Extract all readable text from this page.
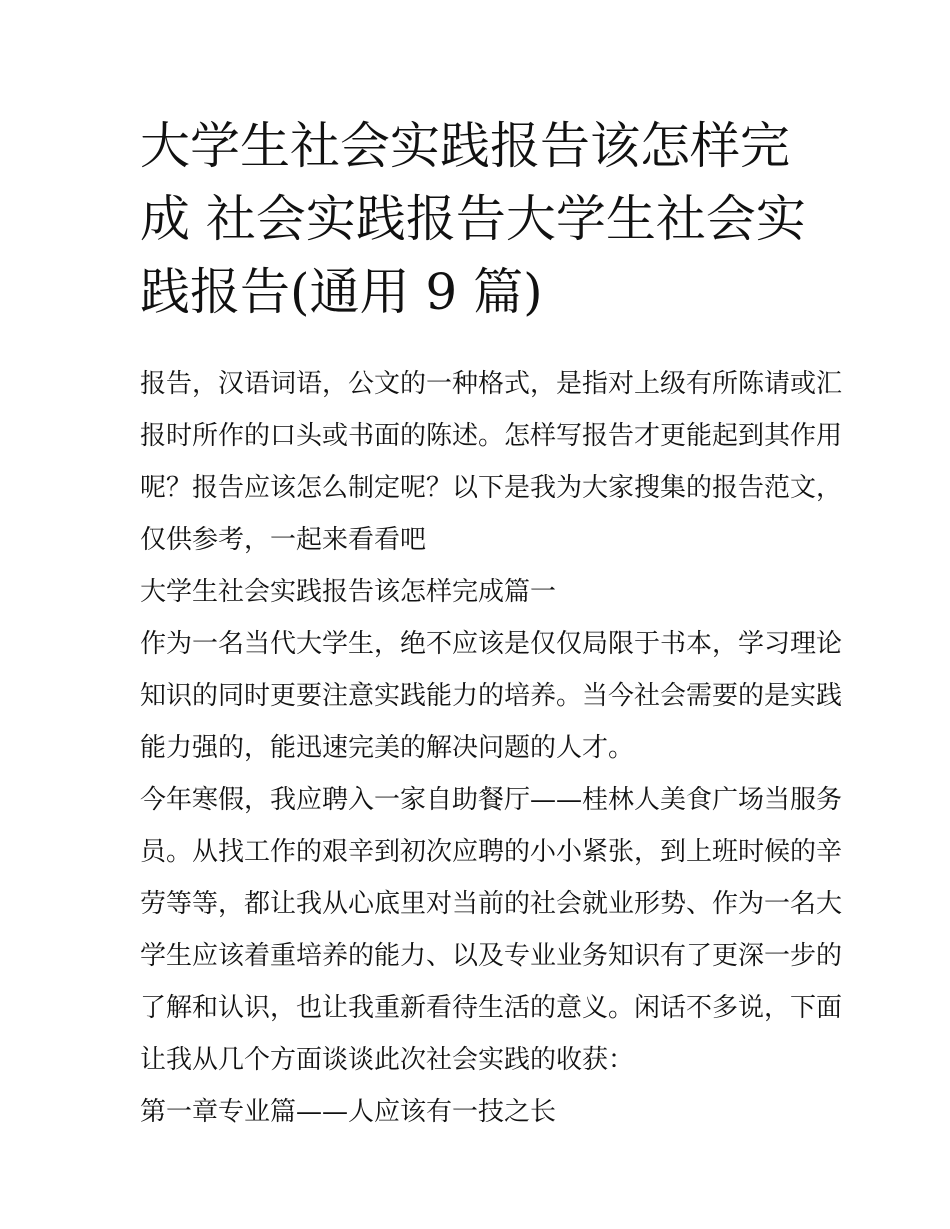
大学生社会实践报告该怎样完
成 社会实践报告大学生社会实
践报告(通用 9 篇)
报告，汉语词语，公文的一种格式，是指对上级有所陈请或汇
报时所作的口头或书面的陈述。怎样写报告才更能起到其作用
呢？报告应该怎么制定呢？以下是我为大家搜集的报告范文，
仅供参考，一起来看看吧
大学生社会实践报告该怎样完成篇一
作为一名当代大学生，绝不应该是仅仅局限于书本，学习理论
知识的同时更要注意实践能力的培养。当今社会需要的是实践
能力强的，能迅速完美的解决问题的人才。
今年寒假，我应聘入一家自助餐厅——桂林人美食广场当服务
员。从找工作的艰辛到初次应聘的小小紧张，到上班时候的辛
劳等等，都让我从心底里对当前的社会就业形势、作为一名大
学生应该着重培养的能力、以及专业业务知识有了更深一步的
了解和认识，也让我重新看待生活的意义。闲话不多说，下面
让我从几个方面谈谈此次社会实践的收获：
第一章专业篇——人应该有一技之长
